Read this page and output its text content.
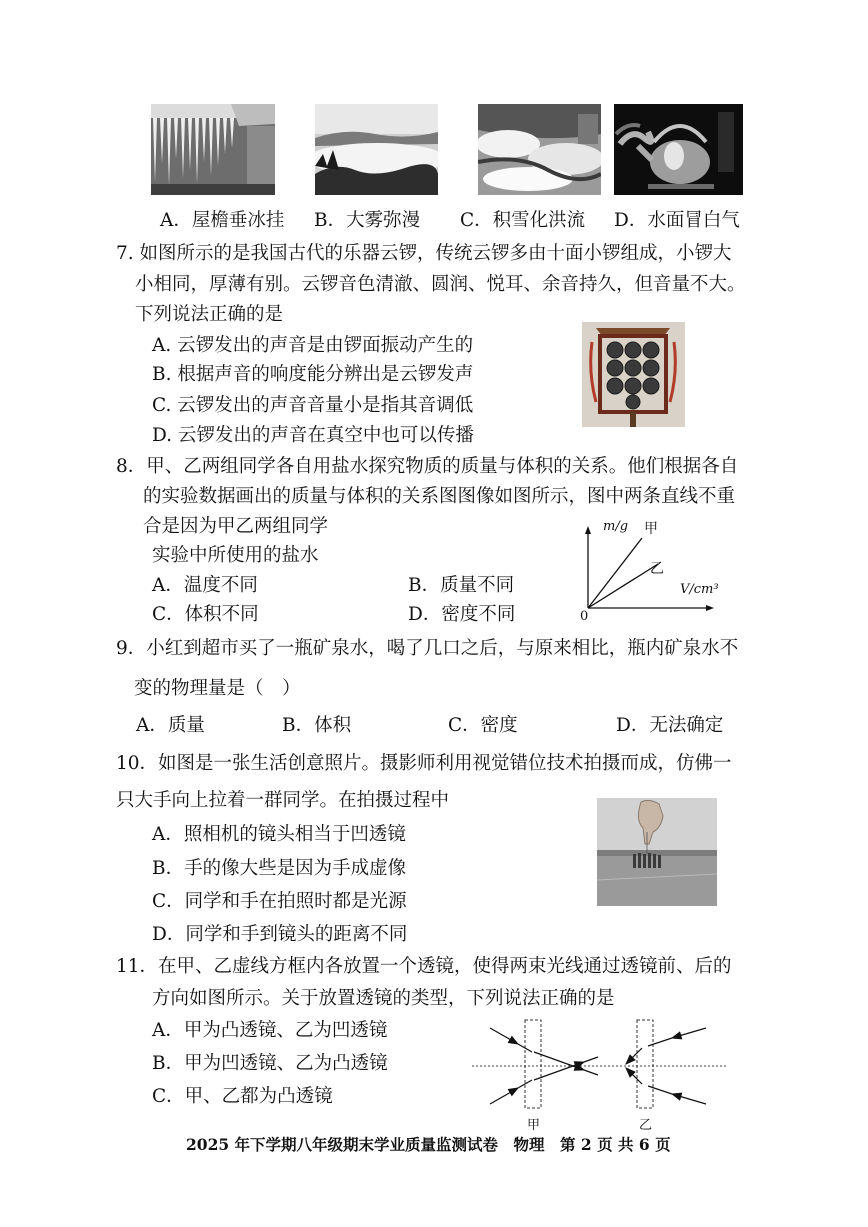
A．屋檐垂冰挂 B．大雾弥漫 C．积雪化洪流 D．水面冒白气
7. 如图所示的是我国古代的乐器云锣，传统云锣多由十面小锣组成，小锣大
小相同，厚薄有别。云锣音色清澈、圆润、悦耳、余音持久，但音量不大。
下列说法正确的是
A. 云锣发出的声音是由锣面振动产生的
B. 根据声音的响度能分辨出是云锣发声
C. 云锣发出的声音音量小是指其音调低
D. 云锣发出的声音在真空中也可以传播
8．甲、乙两组同学各自用盐水探究物质的质量与体积的关系。他们根据各自
的实验数据画出的质量与体积的关系图图像如图所示，图中两条直线不重
合是因为甲乙两组同学
实验中所使用的盐水
A．温度不同	B．质量不同
C．体积不同	D．密度不同
m/g 甲
乙
V/cm³
0
9．小红到超市买了一瓶矿泉水，喝了几口之后，与原来相比，瓶内矿泉水不
变的物理量是（　）
A．质量	B．体积	C．密度	D．无法确定
10．如图是一张生活创意照片。摄影师利用视觉错位技术拍摄而成，仿佛一
只大手向上拉着一群同学。在拍摄过程中
A．照相机的镜头相当于凹透镜
B．手的像大些是因为手成虚像
C．同学和手在拍照时都是光源
D．同学和手到镜头的距离不同
11．在甲、乙虚线方框内各放置一个透镜，使得两束光线通过透镜前、后的
方向如图所示。关于放置透镜的类型，下列说法正确的是
A．甲为凸透镜、乙为凹透镜
B．甲为凹透镜、乙为凸透镜
C．甲、乙都为凸透镜
甲	乙
2025 年下学期八年级期末学业质量监测试卷　物理　第 2 页 共 6 页
